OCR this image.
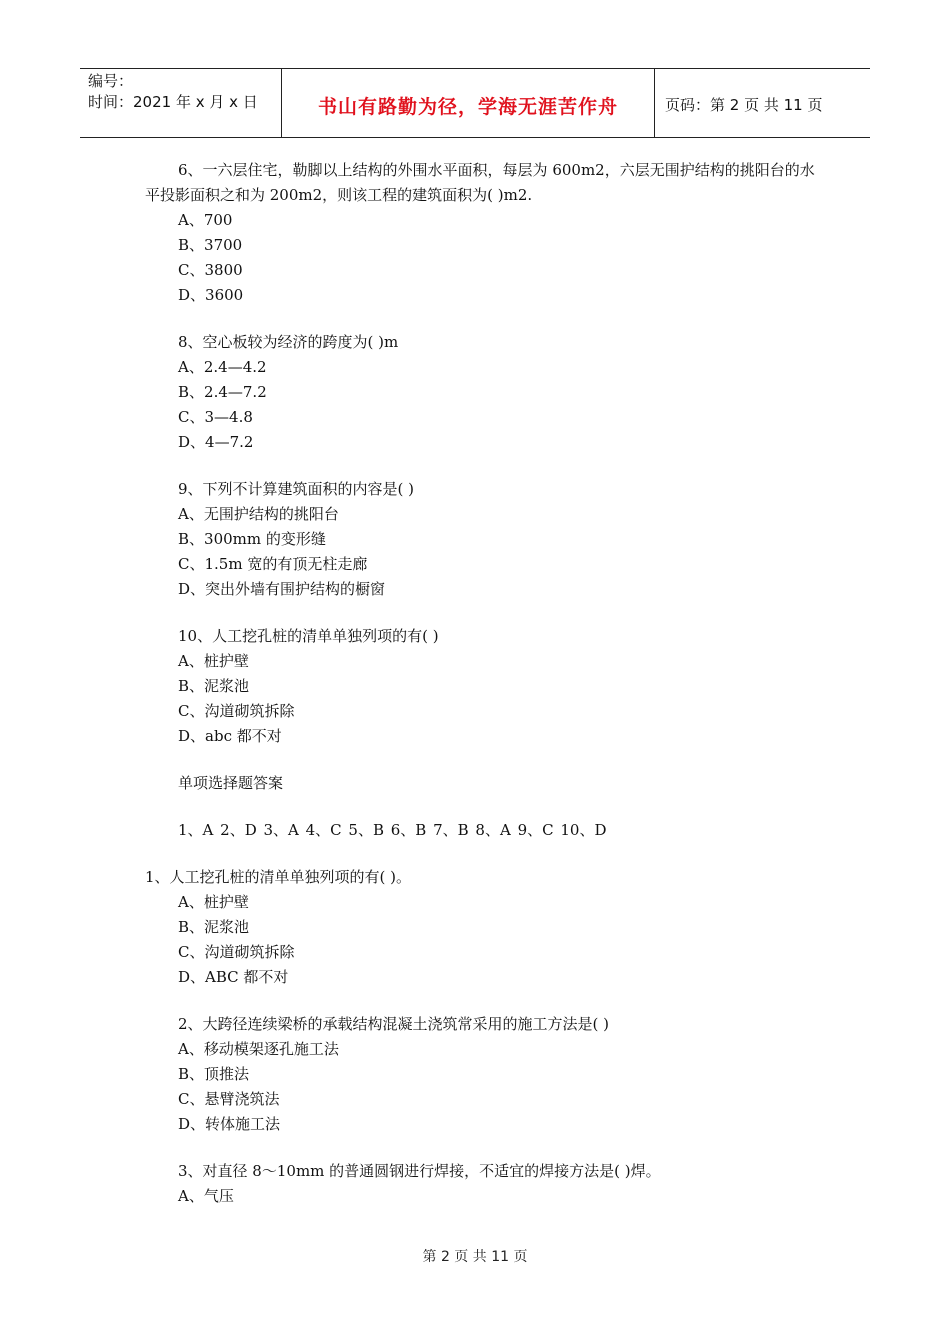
编号：
时间：2021 年 x 月 x 日	书山有路勤为径，学海无涯苦作舟	页码：第 2 页 共 11 页
6、一六层住宅，勒脚以上结构的外围水平面积，每层为 600m2，六层无围护结构的挑阳台的水平投影面积之和为 200m2，则该工程的建筑面积为( )m2.
A、700
B、3700
C、3800
D、3600
8、空心板较为经济的跨度为( )m
A、2.4—4.2
B、2.4—7.2
C、3—4.8
D、4—7.2
9、下列不计算建筑面积的内容是( )
A、无围护结构的挑阳台
B、300mm 的变形缝
C、1.5m 宽的有顶无柱走廊
D、突出外墙有围护结构的橱窗
10、人工挖孔桩的清单单独列项的有( )
A、桩护壁
B、泥浆池
C、沟道砌筑拆除
D、abc 都不对
单项选择题答案
1、A 2、D 3、A 4、C 5、B 6、B 7、B 8、A 9、C 10、D
1、人工挖孔桩的清单单独列项的有( )。
A、桩护壁
B、泥浆池
C、沟道砌筑拆除
D、ABC 都不对
2、大跨径连续梁桥的承载结构混凝土浇筑常采用的施工方法是( )
A、移动模架逐孔施工法
B、顶推法
C、悬臂浇筑法
D、转体施工法
3、对直径 8～10mm 的普通圆钢进行焊接，不适宜的焊接方法是( )焊。
A、气压
第 2 页 共 11 页
